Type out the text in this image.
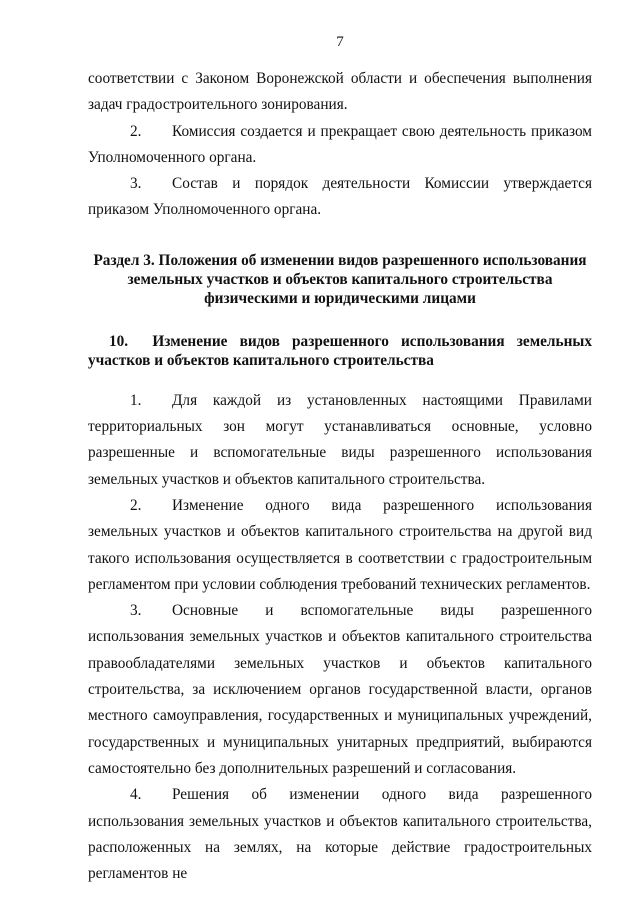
7

соответствии с Законом Воронежской области и обеспечения выполнения задач градостроительного зонирования.

2. Комиссия создается и прекращает свою деятельность приказом Уполномоченного органа.

3. Состав и порядок деятельности Комиссии утверждается приказом Уполномоченного органа.

Раздел 3. Положения об изменении видов разрешенного использования
земельных участков и объектов капитального строительства
физическими и юридическими лицами
10. Изменение видов разрешенного использования земельных участков и объектов капитального строительства

1. Для каждой из установленных настоящими Правилами территориальных зон могут устанавливаться основные, условно разрешенные и вспомогательные виды разрешенного использования земельных участков и объектов капитального строительства.

2. Изменение одного вида разрешенного использования земельных участков и объектов капитального строительства на другой вид такого использования осуществляется в соответствии с градостроительным регламентом при условии соблюдения требований технических регламентов.

3. Основные и вспомогательные виды разрешенного использования земельных участков и объектов капитального строительства правообладателями земельных участков и объектов капитального строительства, за исключением органов государственной власти, органов местного самоуправления, государственных и муниципальных учреждений, государственных и муниципальных унитарных предприятий, выбираются самостоятельно без дополнительных разрешений и согласования.

4. Решения об изменении одного вида разрешенного использования земельных участков и объектов капитального строительства, расположенных на землях, на которые действие градостроительных регламентов не
